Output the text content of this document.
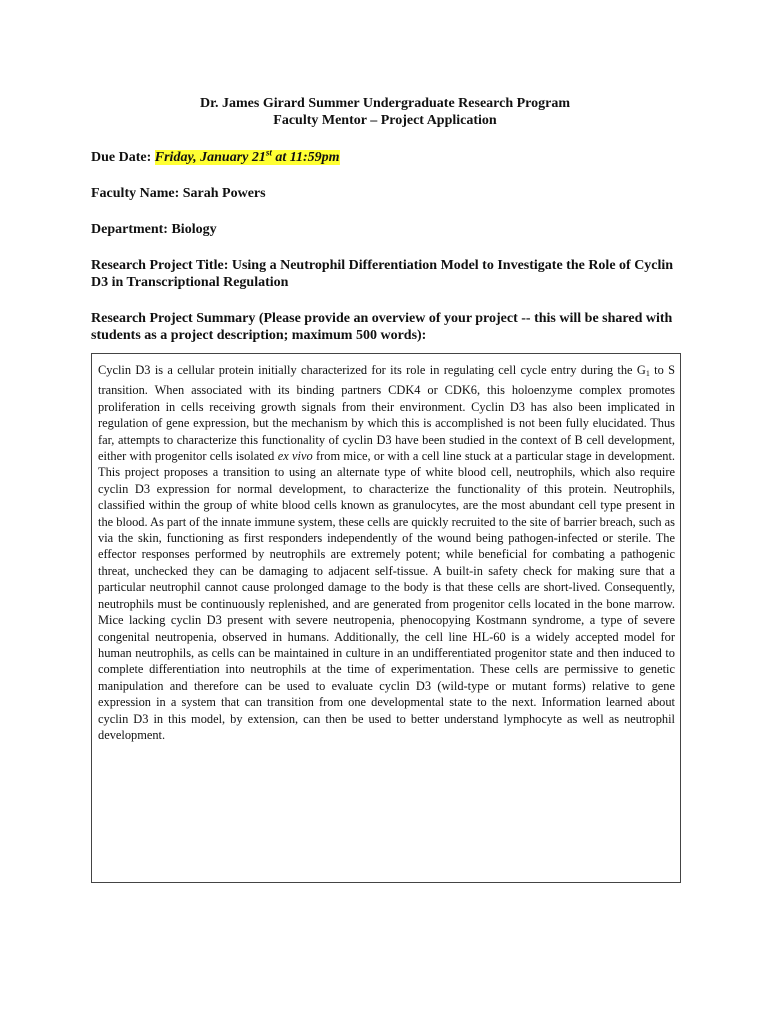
Dr. James Girard Summer Undergraduate Research Program
Faculty Mentor – Project Application
Due Date: Friday, January 21st at 11:59pm
Faculty Name: Sarah Powers
Department: Biology
Research Project Title: Using a Neutrophil Differentiation Model to Investigate the Role of Cyclin D3 in Transcriptional Regulation
Research Project Summary (Please provide an overview of your project -- this will be shared with students as a project description; maximum 500 words):
Cyclin D3 is a cellular protein initially characterized for its role in regulating cell cycle entry during the $G_1$ to S transition. When associated with its binding partners CDK4 or CDK6, this holoenzyme complex promotes proliferation in cells receiving growth signals from their environment. Cyclin D3 has also been implicated in regulation of gene expression, but the mechanism by which this is accomplished is not been fully elucidated. Thus far, attempts to characterize this functionality of cyclin D3 have been studied in the context of B cell development, either with progenitor cells isolated ex vivo from mice, or with a cell line stuck at a particular stage in development. This project proposes a transition to using an alternate type of white blood cell, neutrophils, which also require cyclin D3 expression for normal development, to characterize the functionality of this protein. Neutrophils, classified within the group of white blood cells known as granulocytes, are the most abundant cell type present in the blood. As part of the innate immune system, these cells are quickly recruited to the site of barrier breach, such as via the skin, functioning as first responders independently of the wound being pathogen-infected or sterile. The effector responses performed by neutrophils are extremely potent; while beneficial for combating a pathogenic threat, unchecked they can be damaging to adjacent self-tissue. A built-in safety check for making sure that a particular neutrophil cannot cause prolonged damage to the body is that these cells are short-lived. Consequently, neutrophils must be continuously replenished, and are generated from progenitor cells located in the bone marrow. Mice lacking cyclin D3 present with severe neutropenia, phenocopying Kostmann syndrome, a type of severe congenital neutropenia, observed in humans. Additionally, the cell line HL-60 is a widely accepted model for human neutrophils, as cells can be maintained in culture in an undifferentiated progenitor state and then induced to complete differentiation into neutrophils at the time of experimentation. These cells are permissive to genetic manipulation and therefore can be used to evaluate cyclin D3 (wild-type or mutant forms) relative to gene expression in a system that can transition from one developmental state to the next. Information learned about cyclin D3 in this model, by extension, can then be used to better understand lymphocyte as well as neutrophil development.
